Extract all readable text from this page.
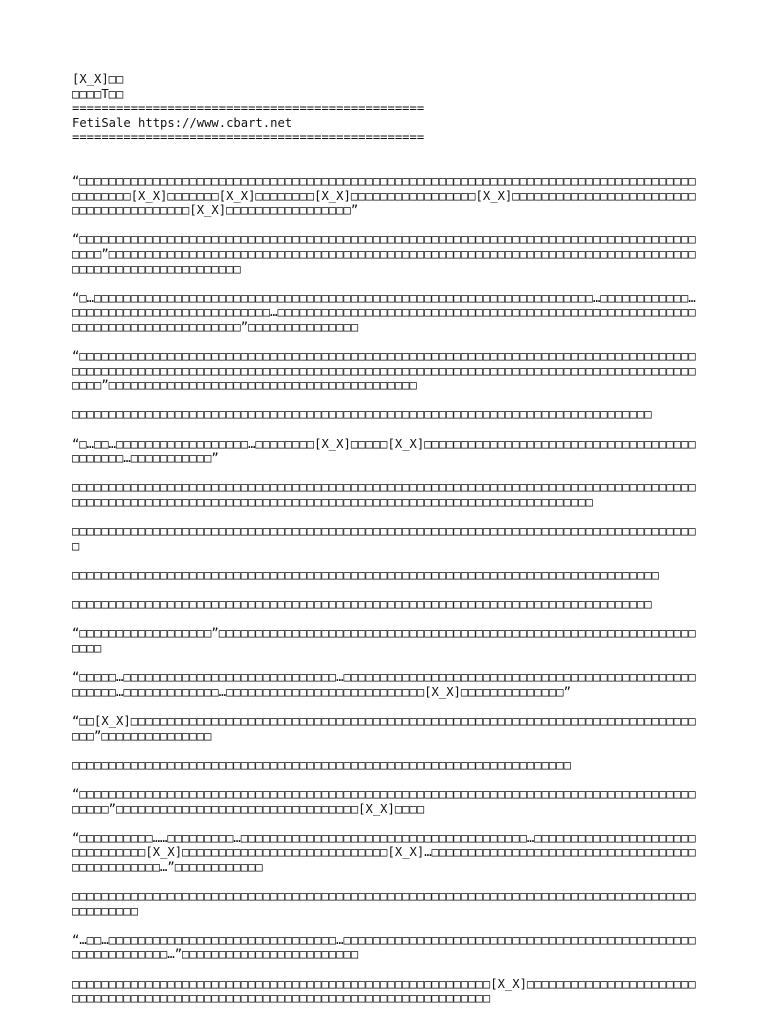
[X_X]□□
□□□□T□□
================================================
FetiSale https://www.cbart.net
================================================

“□□□□□□□□□□□□□□□□□□□□□□□□□□□□□□□□□□□□□□□□□□□□□□□□□□□□□□□□□□□□□□□□□□□□□□□□□□□□□□□□□□□□□□□□□□□□[X_X]□□□□□□□[X_X]□□□□□□□□[X_X]□□□□□□□□□□□□□□□□□[X_X]□□□□□□□□□□□□□□□□□□□□□□□□□□□□□□□□□□□□□□□□□[X_X]□□□□□□□□□□□□□□□□□”

“□□□□□□□□□□□□□□□□□□□□□□□□□□□□□□□□□□□□□□□□□□□□□□□□□□□□□□□□□□□□□□□□□□□□□□□□□□□□□□□□□□□□□□□□”□□□□□□□□□□□□□□□□□□□□□□□□□□□□□□□□□□□□□□□□□□□□□□□□□□□□□□□□□□□□□□□□□□□□□□□□□□□□□□□□□□□□□□□□□□□□□□□□□□□□□□□

“□…□□□□□□□□□□□□□□□□□□□□□□□□□□□□□□□□□□□□□□□□□□□□□□□□□□□□□□□□□□□□□□□□□□□□…□□□□□□□□□□□□…□□□□□□□□□□□□□□□□□□□□□□□□□□□…□□□□□□□□□□□□□□□□□□□□□□□□□□□□□□□□□□□□□□□□□□□□□□□□□□□□□□□□□□□□□□□□□□□□□□□□□□□□□□□□”□□□□□□□□□□□□□□□

“□□□□□□□□□□□□□□□□□□□□□□□□□□□□□□□□□□□□□□□□□□□□□□□□□□□□□□□□□□□□□□□□□□□□□□□□□□□□□□□□□□□□□□□□□□□□□□□□□□□□□□□□□□□□□□□□□□□□□□□□□□□□□□□□□□□□□□□□□□□□□□□□□□□□□□□□□□□□□□□□□□□□□□□□□□□□□”□□□□□□□□□□□□□□□□□□□□□□□□□□□□□□□□□□□□□□□□□□

□□□□□□□□□□□□□□□□□□□□□□□□□□□□□□□□□□□□□□□□□□□□□□□□□□□□□□□□□□□□□□□□□□□□□□□□□□□□□□□

“□…□□…□□□□□□□□□□□□□□□□□□…□□□□□□□□[X_X]□□□□□[X_X]□□□□□□□□□□□□□□□□□□□□□□□□□□□□□□□□□□□□□□□□□□□□…□□□□□□□□□□□”

□□□□□□□□□□□□□□□□□□□□□□□□□□□□□□□□□□□□□□□□□□□□□□□□□□□□□□□□□□□□□□□□□□□□□□□□□□□□□□□□□□□□□□□□□□□□□□□□□□□□□□□□□□□□□□□□□□□□□□□□□□□□□□□□□□□□□□□□□□□□□□□□□□□□□□□□□□□□

□□□□□□□□□□□□□□□□□□□□□□□□□□□□□□□□□□□□□□□□□□□□□□□□□□□□□□□□□□□□□□□□□□□□□□□□□□□□□□□□□□□□□□

□□□□□□□□□□□□□□□□□□□□□□□□□□□□□□□□□□□□□□□□□□□□□□□□□□□□□□□□□□□□□□□□□□□□□□□□□□□□□□□□

□□□□□□□□□□□□□□□□□□□□□□□□□□□□□□□□□□□□□□□□□□□□□□□□□□□□□□□□□□□□□□□□□□□□□□□□□□□□□□□

“□□□□□□□□□□□□□□□□□□”□□□□□□□□□□□□□□□□□□□□□□□□□□□□□□□□□□□□□□□□□□□□□□□□□□□□□□□□□□□□□□□□□□□□□

“□□□□□…□□□□□□□□□□□□□□□□□□□□□□□□□□□□□…□□□□□□□□□□□□□□□□□□□□□□□□□□□□□□□□□□□□□□□□□□□□□□□□□□□□□□…□□□□□□□□□□□□□…□□□□□□□□□□□□□□□□□□□□□□□□□□□[X_X]□□□□□□□□□□□□□□”

“□□[X_X]□□□□□□□□□□□□□□□□□□□□□□□□□□□□□□□□□□□□□□□□□□□□□□□□□□□□□□□□□□□□□□□□□□□□□□□□□□□□□□□□”□□□□□□□□□□□□□□□

□□□□□□□□□□□□□□□□□□□□□□□□□□□□□□□□□□□□□□□□□□□□□□□□□□□□□□□□□□□□□□□□□□□□

“□□□□□□□□□□□□□□□□□□□□□□□□□□□□□□□□□□□□□□□□□□□□□□□□□□□□□□□□□□□□□□□□□□□□□□□□□□□□□□□□□□□□□□□□□”□□□□□□□□□□□□□□□□□□□□□□□□□□□□□□□□□[X_X]□□□□

“□□□□□□□□□□……□□□□□□□□□…□□□□□□□□□□□□□□□□□□□□□□□□□□□□□□□□□□□□□□□…□□□□□□□□□□□□□□□□□□□□□□□□□□□□□□□□[X_X]□□□□□□□□□□□□□□□□□□□□□□□□□□□□[X_X]…□□□□□□□□□□□□□□□□□□□□□□□□□□□□□□□□□□□□□□□□□□□□□□□□…”□□□□□□□□□□□□

□□□□□□□□□□□□□□□□□□□□□□□□□□□□□□□□□□□□□□□□□□□□□□□□□□□□□□□□□□□□□□□□□□□□□□□□□□□□□□□□□□□□□□□□□□□□□□

“…□□…□□□□□□□□□□□□□□□□□□□□□□□□□□□□□□□…□□□□□□□□□□□□□□□□□□□□□□□□□□□□□□□□□□□□□□□□□□□□□□□□□□□□□□□□□□□□□…”□□□□□□□□□□□□□□□□□□□□□□□□

□□□□□□□□□□□□□□□□□□□□□□□□□□□□□□□□□□□□□□□□□□□□□□□□□□□□□□□□□[X_X]□□□□□□□□□□□□□□□□□□□□□□□□□□□□□□□□□□□□□□□□□□□□□□□□□□□□□□□□□□□□□□□□□□□□□□□□□□□□□□□□
